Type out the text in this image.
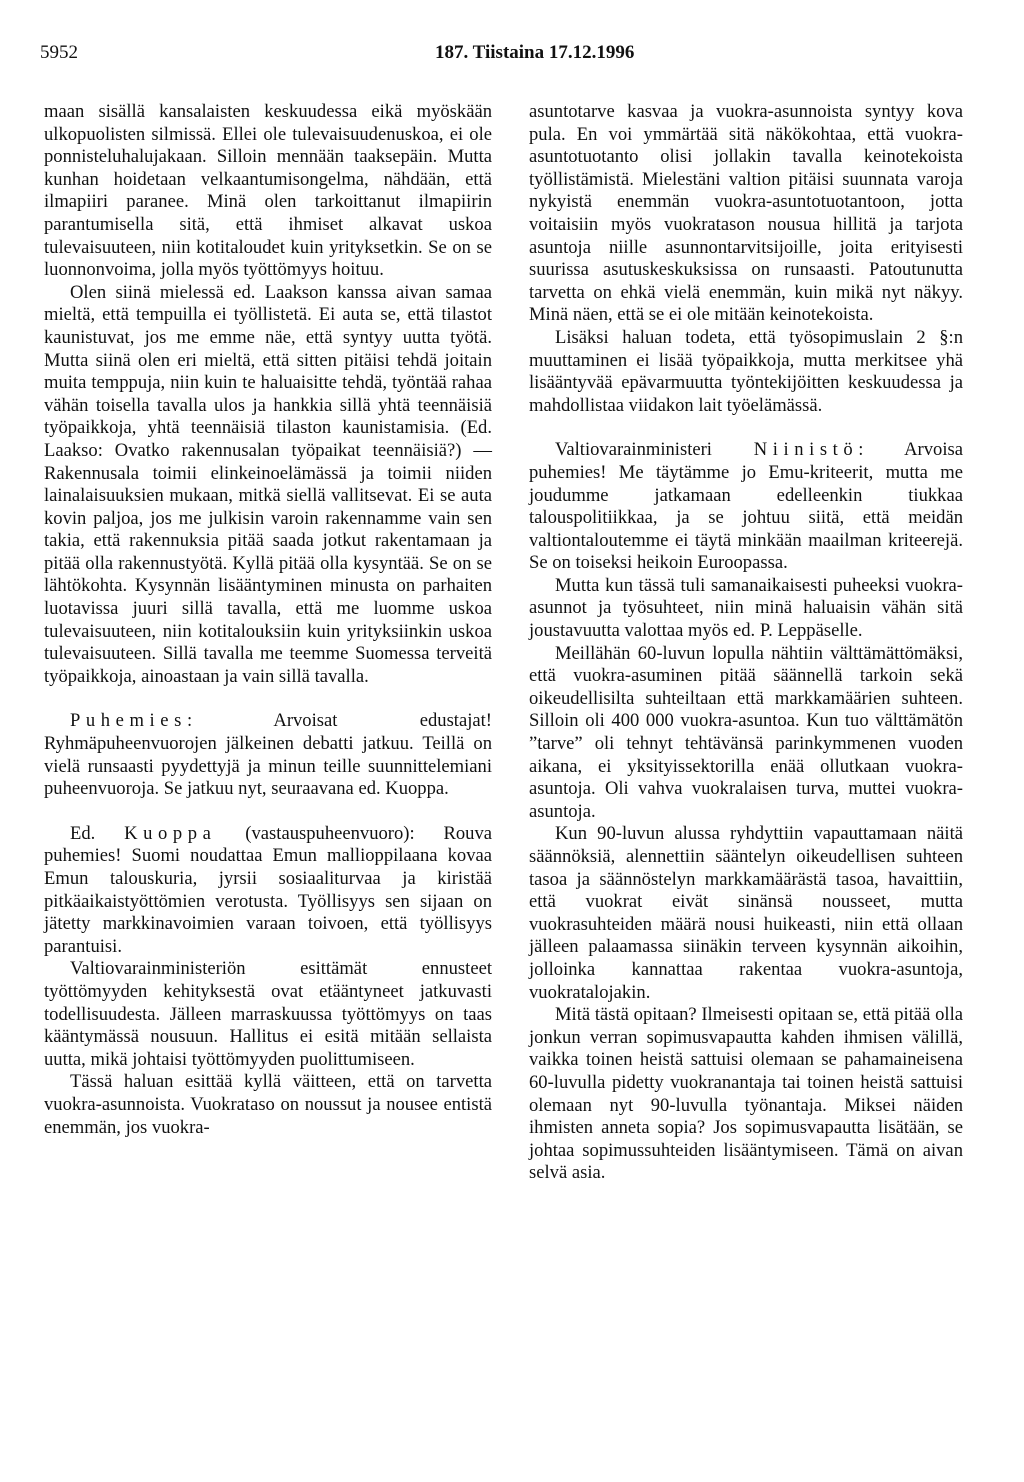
5952	187. Tiistaina 17.12.1996

maan sisällä kansalaisten keskuudessa eikä myöskään ulkopuolisten silmissä. Ellei ole tulevaisuudenuskoa, ei ole ponnisteluhalujakaan. Silloin mennään taaksepäin. Mutta kunhan hoidetaan velkaantumisongelma, nähdään, että ilmapiiri paranee. Minä olen tarkoittanut ilmapiirin parantumisella sitä, että ihmiset alkavat uskoa tulevaisuuteen, niin kotitaloudet kuin yrityksetkin. Se on se luonnonvoima, jolla myös työttömyys hoituu.

Olen siinä mielessä ed. Laakson kanssa aivan samaa mieltä, että tempuilla ei työllistetä. Ei auta se, että tilastot kaunistuvat, jos me emme näe, että syntyy uutta työtä. Mutta siinä olen eri mieltä, että sitten pitäisi tehdä joitain muita temppuja, niin kuin te haluaisitte tehdä, työntää rahaa vähän toisella tavalla ulos ja hankkia sillä yhtä teennäisiä työpaikkoja, yhtä teennäisiä tilaston kaunistamisia. (Ed. Laakso: Ovatko rakennusalan työpaikat teennäisiä?) — Rakennusala toimii elinkeinoelämässä ja toimii niiden lainalaisuuksien mukaan, mitkä siellä vallitsevat. Ei se auta kovin paljoa, jos me julkisin varoin rakennamme vain sen takia, että rakennuksia pitää saada jotkut rakentamaan ja pitää olla rakennustyötä. Kyllä pitää olla kysyntää. Se on se lähtökohta. Kysynnän lisääntyminen minusta on parhaiten luotavissa juuri sillä tavalla, että me luomme uskoa tulevaisuuteen, niin kotitalouksiin kuin yrityksiinkin uskoa tulevaisuuteen. Sillä tavalla me teemme Suomessa terveitä työpaikkoja, ainoastaan ja vain sillä tavalla.

Puhemies: Arvoisat edustajat! Ryhmäpuheenvuorojen jälkeinen debatti jatkuu. Teillä on vielä runsaasti pyydettyjä ja minun teille suunnittelemiani puheenvuoroja. Se jatkuu nyt, seuraavana ed. Kuoppa.

Ed. Kuoppa (vastauspuheenvuoro): Rouva puhemies! Suomi noudattaa Emun mallioppilaana kovaa Emun talouskuria, jyrsii sosiaaliturvaa ja kiristää pitkäaikaistyöttömien verotusta. Työllisyys sen sijaan on jätetty markkinavoimien varaan toivoen, että työllisyys parantuisi.

Valtiovarainministeriön esittämät ennusteet työttömyyden kehityksestä ovat etääntyneet jatkuvasti todellisuudesta. Jälleen marraskuussa työttömyys on taas kääntymässä nousuun. Hallitus ei esitä mitään sellaista uutta, mikä johtaisi työttömyyden puolittumiseen.

Tässä haluan esittää kyllä väitteen, että on tarvetta vuokra-asunnoista. Vuokrataso on noussut ja nousee entistä enemmän, jos vuokra-

asuntotarve kasvaa ja vuokra-asunnoista syntyy kova pula. En voi ymmärtää sitä näkökohtaa, että vuokra-asuntotuotanto olisi jollakin tavalla keinotekoista työllistämistä. Mielestäni valtion pitäisi suunnata varoja nykyistä enemmän vuokra-asuntotuotantoon, jotta voitaisiin myös vuokratason nousua hillitä ja tarjota asuntoja niille asunnontarvitsijoille, joita erityisesti suurissa asutuskeskuksissa on runsaasti. Patoutunutta tarvetta on ehkä vielä enemmän, kuin mikä nyt näkyy. Minä näen, että se ei ole mitään keinotekoista.

Lisäksi haluan todeta, että työsopimuslain 2 §:n muuttaminen ei lisää työpaikkoja, mutta merkitsee yhä lisääntyvää epävarmuutta työntekijöitten keskuudessa ja mahdollistaa viidakon lait työelämässä.

Valtiovarainministeri Niinistö: Arvoisa puhemies! Me täytämme jo Emu-kriteerit, mutta me joudumme jatkamaan edelleenkin tiukkaa talouspolitiikkaa, ja se johtuu siitä, että meidän valtiontaloutemme ei täytä minkään maailman kriteerejä. Se on toiseksi heikoin Euroopassa.

Mutta kun tässä tuli samanaikaisesti puheeksi vuokra-asunnot ja työsuhteet, niin minä haluaisin vähän sitä joustavuutta valottaa myös ed. P. Leppäselle.

Meillähän 60-luvun lopulla nähtiin välttämättömäksi, että vuokra-asuminen pitää säännellä tarkoin sekä oikeudellisilta suhteiltaan että markkamäärien suhteen. Silloin oli 400 000 vuokra-asuntoa. Kun tuo välttämätön ”tarve” oli tehnyt tehtävänsä parinkymmenen vuoden aikana, ei yksityissektorilla enää ollutkaan vuokra-asuntoja. Oli vahva vuokralaisen turva, muttei vuokra-asuntoja.

Kun 90-luvun alussa ryhdyttiin vapauttamaan näitä säännöksiä, alennettiin sääntelyn oikeudellisen suhteen tasoa ja säännöstelyn markkamäärästä tasoa, havaittiin, että vuokrat eivät sinänsä nousseet, mutta vuokrasuhteiden määrä nousi huikeasti, niin että ollaan jälleen palaamassa siinäkin terveen kysynnän aikoihin, jolloinka kannattaa rakentaa vuokra-asuntoja, vuokratalojakin.

Mitä tästä opitaan? Ilmeisesti opitaan se, että pitää olla jonkun verran sopimusvapautta kahden ihmisen välillä, vaikka toinen heistä sattuisi olemaan se pahamaineisena 60-luvulla pidetty vuokranantaja tai toinen heistä sattuisi olemaan nyt 90-luvulla työnantaja. Miksei näiden ihmisten anneta sopia? Jos sopimusvapautta lisätään, se johtaa sopimussuhteiden lisääntymiseen. Tämä on aivan selvä asia.
